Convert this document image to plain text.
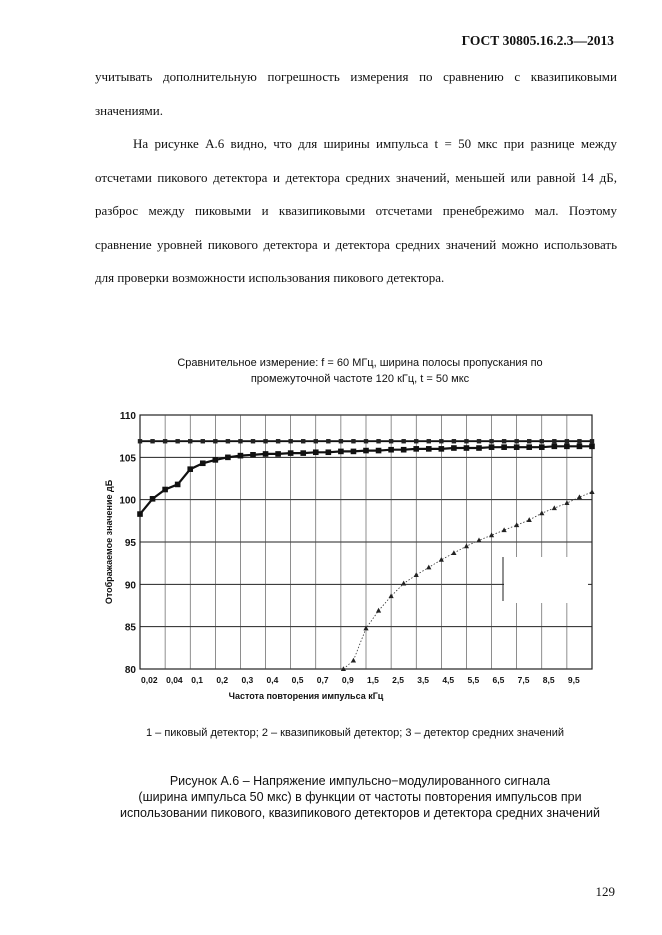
ГОСТ 30805.16.2.3—2013
учитывать дополнительную погрешность измерения по сравнению с квазипиковыми значениями.
На рисунке А.6 видно, что для ширины импульса t = 50 мкс при разнице между отсчетами пикового детектора и детектора средних значений, меньшей или равной 14 дБ, разброс между пиковыми и квазипиковыми отсчетами пренебрежимо мал. Поэтому сравнение уровней пикового детектора и детектора средних значений можно использовать для проверки возможности использования пикового детектора.
Сравнительное измерение: f = 60 МГц, ширина полосы пропускания по
промежуточной частоте 120 кГц, t = 50 мкс
80
85
90
95
100
105
110
0,02 0,04 0,1 0,2 0,3 0,4 0,5 0,7 0,9 1,5 2,5 3,5 4,5 5,5 6,5 7,5 8,5 9,5
Частота повторения импульса кГц
Отображаемое значение дБ
1 – пиковый детектор; 2 – квазипиковый детектор; 3 – детектор средних значений
Рисунок А.6 – Напряжение импульсно−модулированного сигнала
(ширина импульса 50 мкс) в функции от частоты повторения импульсов при
использовании пикового, квазипикового детекторов и детектора средних значений
129
